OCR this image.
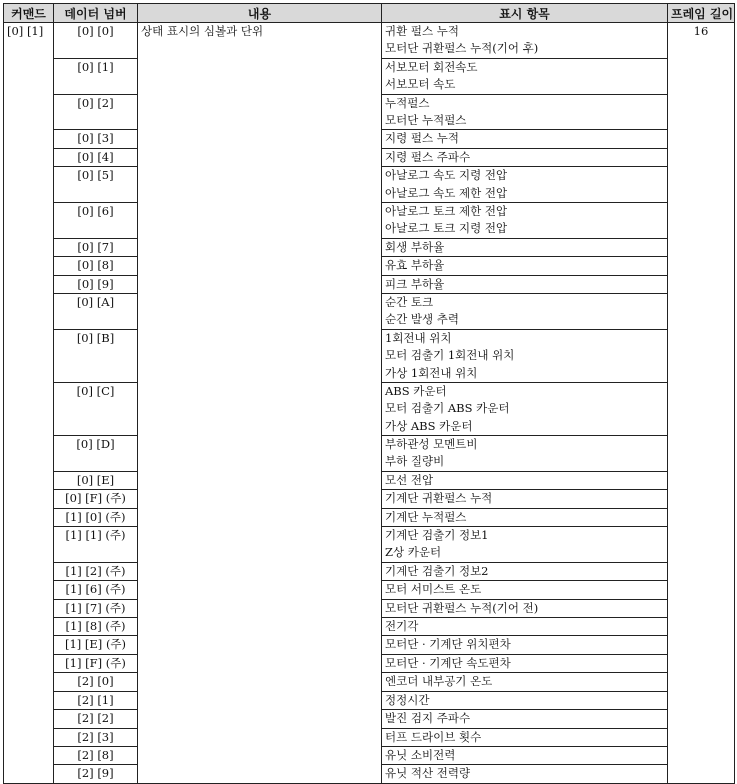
커맨드	데이터 넘버	내용	표시 항목	프레임 길이
[0] [1]	[0] [0]	상태 표시의 심볼과 단위	귀환 펄스 누적
모터단 귀환펄스 누적(기어 후)	16
	[0] [1]		서보모터 회전속도
서보모터 속도	

	[0] [2]		누적펄스
모터단 누적펄스	

	[0] [3]		지령 펄스 누적	

	[0] [4]		지령 펄스 주파수	

	[0] [5]		아날로그 속도 지령 전압
아날로그 속도 제한 전압	

	[0] [6]		아날로그 토크 제한 전압
아날로그 토크 지령 전압	

	[0] [7]		회생 부하율	

	[0] [8]		유효 부하율	

	[0] [9]		피크 부하율	

	[0] [A]		순간 토크
순간 발생 추력	

	[0] [B]		1회전내 위치
모터 검출기 1회전내 위치
가상 1회전내 위치	

	[0] [C]		ABS 카운터
모터 검출기 ABS 카운터
가상 ABS 카운터	

	[0] [D]		부하관성 모멘트비
부하 질량비	

	[0] [E]		모선 전압	

	[0] [F] (주)		기계단 귀환펄스 누적	

	[1] [0] (주)		기계단 누적펄스	

	[1] [1] (주)		기계단 검출기 정보1
Z상 카운터	

	[1] [2] (주)		기계단 검출기 정보2	

	[1] [6] (주)		모터 서미스트 온도	

	[1] [7] (주)		모터단 귀환펄스 누적(기어 전)	

	[1] [8] (주)		전기각	

	[1] [E] (주)		모터단 · 기계단 위치편차	

	[1] [F] (주)		모터단 · 기계단 속도편차	

	[2] [0]		엔코더 내부공기 온도	

	[2] [1]		정정시간	

	[2] [2]		발진 검지 주파수	

	[2] [3]		터프 드라이브 횟수	

	[2] [8]		유닛 소비전력	

	[2] [9]		유닛 적산 전력량	
